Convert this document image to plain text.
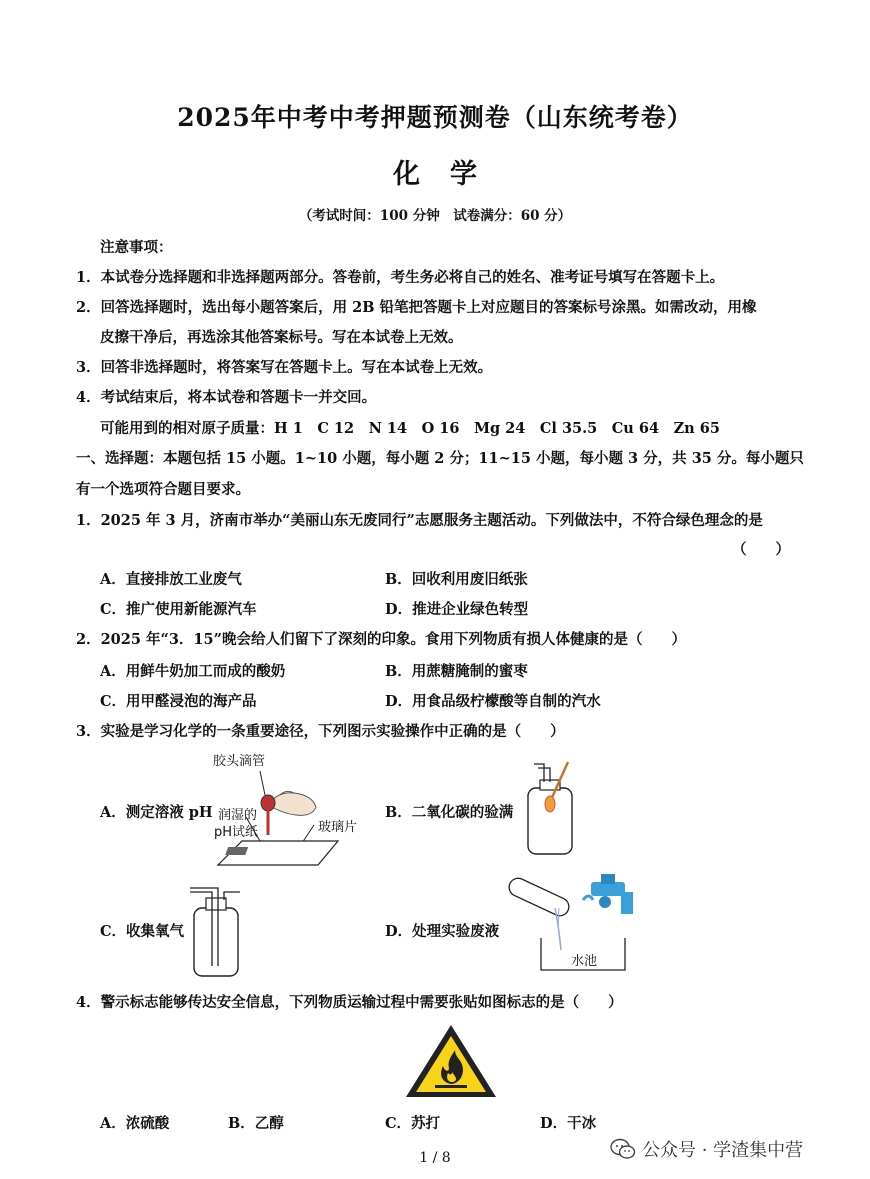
2025年中考中考押题预测卷（山东统考卷）
化学
（考试时间：100 分钟　试卷满分：60 分）
注意事项：
1．本试卷分选择题和非选择题两部分。答卷前，考生务必将自己的姓名、准考证号填写在答题卡上。
2．回答选择题时，选出每小题答案后，用 2B 铅笔把答题卡上对应题目的答案标号涂黑。如需改动，用橡
皮擦干净后，再选涂其他答案标号。写在本试卷上无效。
3．回答非选择题时，将答案写在答题卡上。写在本试卷上无效。
4．考试结束后，将本试卷和答题卡一并交回。
可能用到的相对原子质量：H 1　C 12　N 14　O 16　Mg 24　Cl 35.5　Cu 64　Zn 65
一、选择题：本题包括 15 小题。1~10 小题，每小题 2 分；11~15 小题，每小题 3 分，共 35 分。每小题只
有一个选项符合题目要求。
1．2025 年 3 月，济南市举办“美丽山东无废同行”志愿服务主题活动。下列做法中，不符合绿色理念的是
（　　）
A．直接排放工业废气	B．回收利用废旧纸张
C．推广使用新能源汽车	D．推进企业绿色转型
2．2025 年“3．15”晚会给人们留下了深刻的印象。食用下列物质有损人体健康的是（　　）
A．用鲜牛奶加工而成的酸奶	B．用蔗糖腌制的蜜枣
C．用甲醛浸泡的海产品	D．用食品级柠檬酸等自制的汽水
3．实验是学习化学的一条重要途径，下列图示实验操作中正确的是（　　）
A．测定溶液 pH	B．二氧化碳的验满
C．收集氧气	D．处理实验废液
胶头滴管
润湿的
pH试纸	玻璃片
水池
4．警示标志能够传达安全信息，下列物质运输过程中需要张贴如图标志的是（　　）
A．浓硫酸	B．乙醇	C．苏打	D．干冰
1 / 8	公众号 · 学渣集中营
